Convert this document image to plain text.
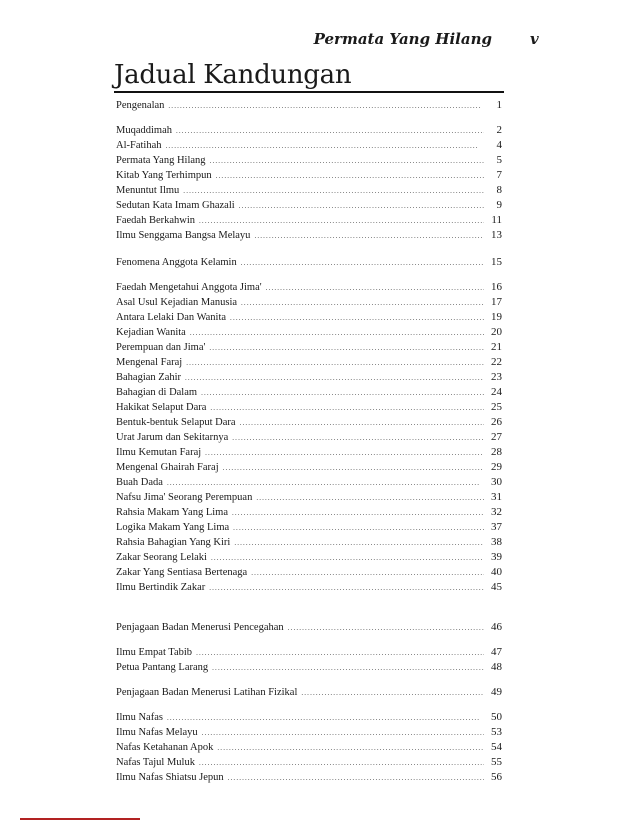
Permata Yang Hilang	v
Jadual Kandungan
Pengenalan . . .	1
Muqaddimah . . .	2
Al-Fatihah . . .	4
Permata Yang Hilang . . .	5
Kitab Yang Terhimpun . . .	7
Menuntut Ilmu . . .	8
Sedutan Kata Imam Ghazali . . .	9
Faedah Berkahwin . . .	11
Ilmu Senggama Bangsa Melayu . . .	13
Fenomena Anggota Kelamin . . .	15
Faedah Mengetahui Anggota Jima' . . .	16
Asal Usul Kejadian Manusia . . .	17
Antara Lelaki Dan Wanita . . .	19
Kejadian Wanita . . .	20
Perempuan dan Jima' . . .	21
Mengenal Faraj . . .	22
Bahagian Zahir . . .	23
Bahagian di Dalam . . .	24
Hakikat Selaput Dara . . .	25
Bentuk-bentuk Selaput Dara . . .	26
Urat Jarum dan Sekitarnya . . .	27
Ilmu Kemutan Faraj . . .	28
Mengenal Ghairah Faraj . . .	29
Buah Dada . . .	30
Nafsu Jima' Seorang Perempuan . . .	31
Rahsia Makam Yang Lima . . .	32
Logika Makam Yang Lima . . .	37
Rahsia Bahagian Yang Kiri . . .	38
Zakar Seorang Lelaki . . .	39
Zakar Yang Sentiasa Bertenaga . . .	40
Ilmu Bertindik Zakar . . .	45
Penjagaan Badan Menerusi Pencegahan . . .	46
Ilmu Empat Tabib . . .	47
Petua Pantang Larang . . .	48
Penjagaan Badan Menerusi Latihan Fizikal . . .	49
Ilmu Nafas . . .	50
Ilmu Nafas Melayu . . .	53
Nafas Ketahanan Apok . . .	54
Nafas Tajul Muluk . . .	55
Ilmu Nafas Shiatsu Jepun . . .	56
